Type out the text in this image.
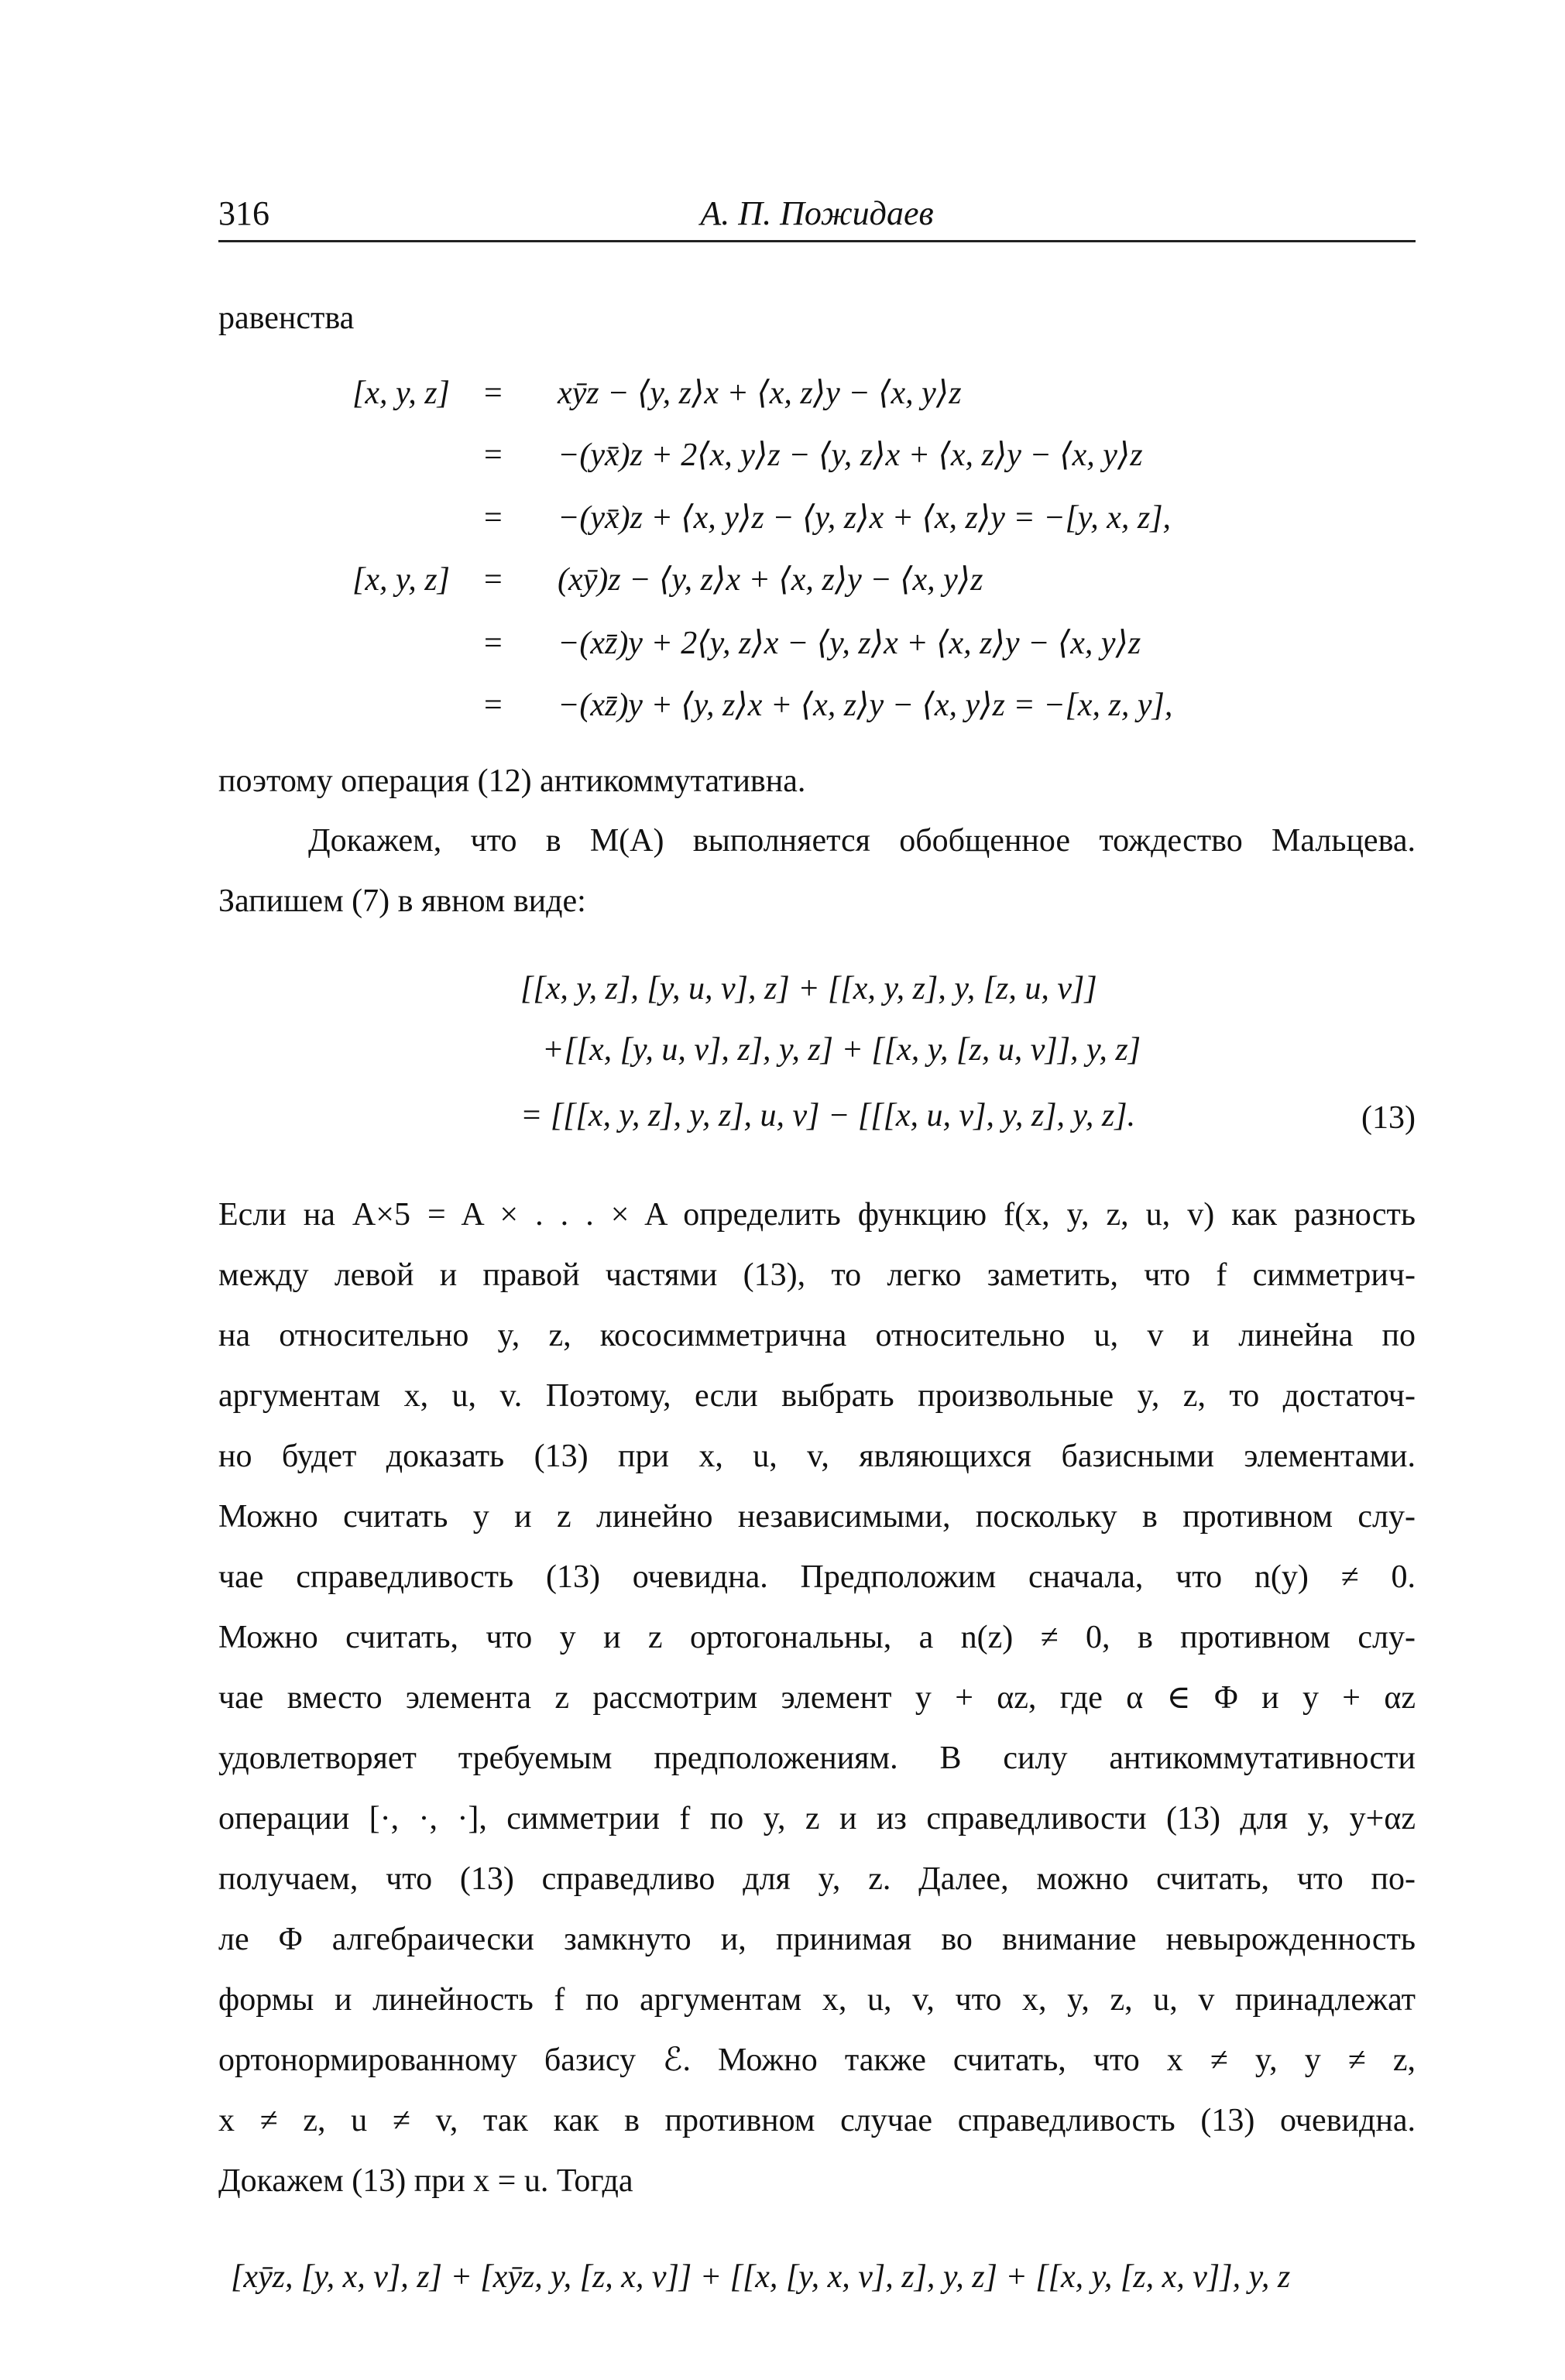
316	А. П. Пожидаев
равенства
[x, y, z] = xȳz − ⟨y, z⟩x + ⟨x, z⟩y − ⟨x, y⟩z
= −(yx̄)z + 2⟨x, y⟩z − ⟨y, z⟩x + ⟨x, z⟩y − ⟨x, y⟩z
= −(yx̄)z + ⟨x, y⟩z − ⟨y, z⟩x + ⟨x, z⟩y = −[y, x, z],
[x, y, z] = (xȳ)z − ⟨y, z⟩x + ⟨x, z⟩y − ⟨x, y⟩z
= −(xz̄)y + 2⟨y, z⟩x − ⟨y, z⟩x + ⟨x, z⟩y − ⟨x, y⟩z
= −(xz̄)y + ⟨y, z⟩x + ⟨x, z⟩y − ⟨x, y⟩z = −[x, z, y],
поэтому операция (12) антикоммутативна.
Докажем, что в M(A) выполняется обобщенное тождество Мальцева.
Запишем (7) в явном виде:
[[x, y, z], [y, u, v], z] + [[x, y, z], y, [z, u, v]]
+[[x, [y, u, v], z], y, z] + [[x, y, [z, u, v]], y, z]
= [[[x, y, z], y, z], u, v] − [[[x, u, v], y, z], y, z].	(13)
Если на A×5 = A × . . . × A определить функцию f(x, y, z, u, v) как разность
между левой и правой частями (13), то легко заметить, что f симметрич-
на относительно y, z, кососимметрична относительно u, v и линейна по
аргументам x, u, v. Поэтому, если выбрать произвольные y, z, то достаточ-
но будет доказать (13) при x, u, v, являющихся базисными элементами.
Можно считать y и z линейно независимыми, поскольку в противном слу-
чае справедливость (13) очевидна. Предположим сначала, что n(y) ≠ 0.
Можно считать, что y и z ортогональны, а n(z) ≠ 0, в противном слу-
чае вместо элемента z рассмотрим элемент y + αz, где α ∈ Φ и y + αz
удовлетворяет требуемым предположениям. В силу антикоммутативности
операции [·, ·, ·], симметрии f по y, z и из справедливости (13) для y, y+αz
получаем, что (13) справедливо для y, z. Далее, можно считать, что по-
ле Φ алгебраически замкнуто и, принимая во внимание невырожденность
формы и линейность f по аргументам x, u, v, что x, y, z, u, v принадлежат
ортонормированному базису ℰ. Можно также считать, что x ≠ y, y ≠ z,
x ≠ z, u ≠ v, так как в противном случае справедливость (13) очевидна.
Докажем (13) при x = u. Тогда
[xȳz, [y, x, v], z] + [xȳz, y, [z, x, v]] + [[x, [y, x, v], z], y, z] + [[x, y, [z, x, v]], y, z
